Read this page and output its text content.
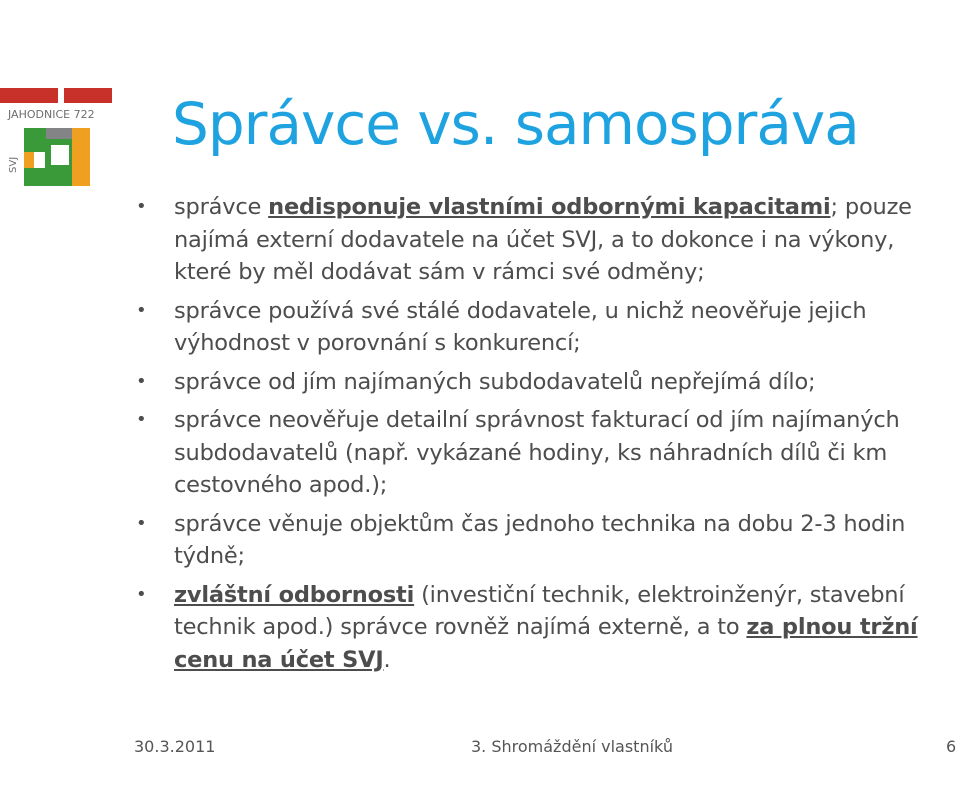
JAHODNICE 722
SVJ
Správce vs. samospráva
• správce nedisponuje vlastními odbornými kapacitami; pouze najímá externí dodavatele na účet SVJ, a to dokonce i na výkony, které by měl dodávat sám v rámci své odměny;
• správce používá své stálé dodavatele, u nichž neověřuje jejich výhodnost v porovnání s konkurencí;
• správce od jím najímaných subdodavatelů nepřejímá dílo;
• správce neověřuje detailní správnost fakturací od jím najímaných subdodavatelů (např. vykázané hodiny, ks náhradních dílů či km cestovného apod.);
• správce věnuje objektům čas jednoho technika na dobu 2-3 hodin týdně;
• zvláštní odbornosti (investiční technik, elektroinženýr, stavební technik apod.) správce rovněž najímá externě, a to za plnou tržní cenu na účet SVJ.
30.3.2011	3. Shromáždění vlastníků	6
